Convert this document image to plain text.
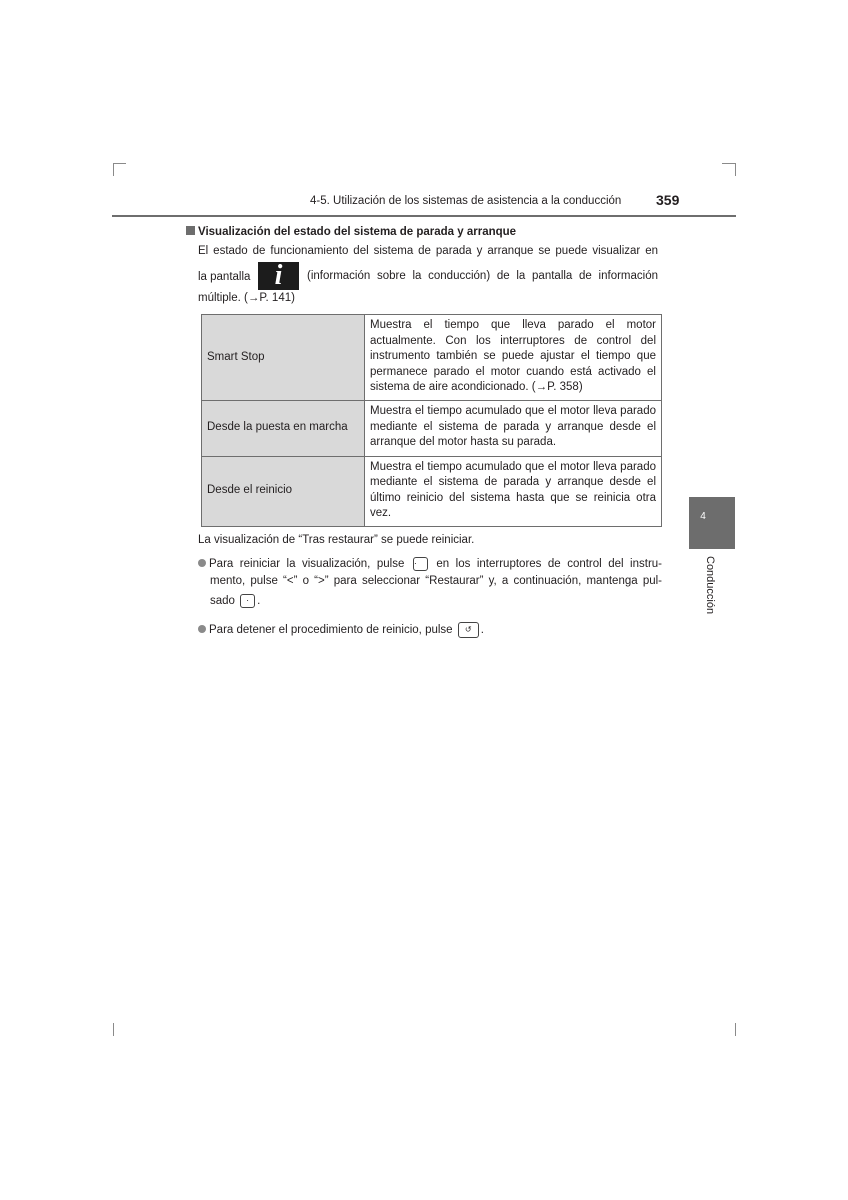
4-5. Utilización de los sistemas de asistencia a la conducción 359
Visualización del estado del sistema de parada y arranque
El estado de funcionamiento del sistema de parada y arranque se puede visualizar en
la pantalla i	(información sobre la conducción) de la pantalla de información
múltiple. (→P. 141)
Smart Stop	Muestra el tiempo que lleva parado el motor actualmente. Con los interruptores de control del instrumento también se puede ajustar el tiempo que permanece parado el motor cuando está activado el sistema de aire acondicionado. (→P. 358)
Desde la puesta en marcha	Muestra el tiempo acumulado que el motor lleva parado mediante el sistema de parada y arranque desde el arranque del motor hasta su parada.
Desde el reinicio	Muestra el tiempo acumulado que el motor lleva parado mediante el sistema de parada y arranque desde el último reinicio del sistema hasta que se reinicia otra vez.
La visualización de “Tras restaurar” se puede reiniciar.
Para reiniciar la visualización, pulse · en los interruptores de control del instru-
mento, pulse “<” o “>” para seleccionar “Restaurar” y, a continuación, mantenga pul-
sado · .
Para detener el procedimiento de reinicio, pulse ↺ .
4
Conducción
